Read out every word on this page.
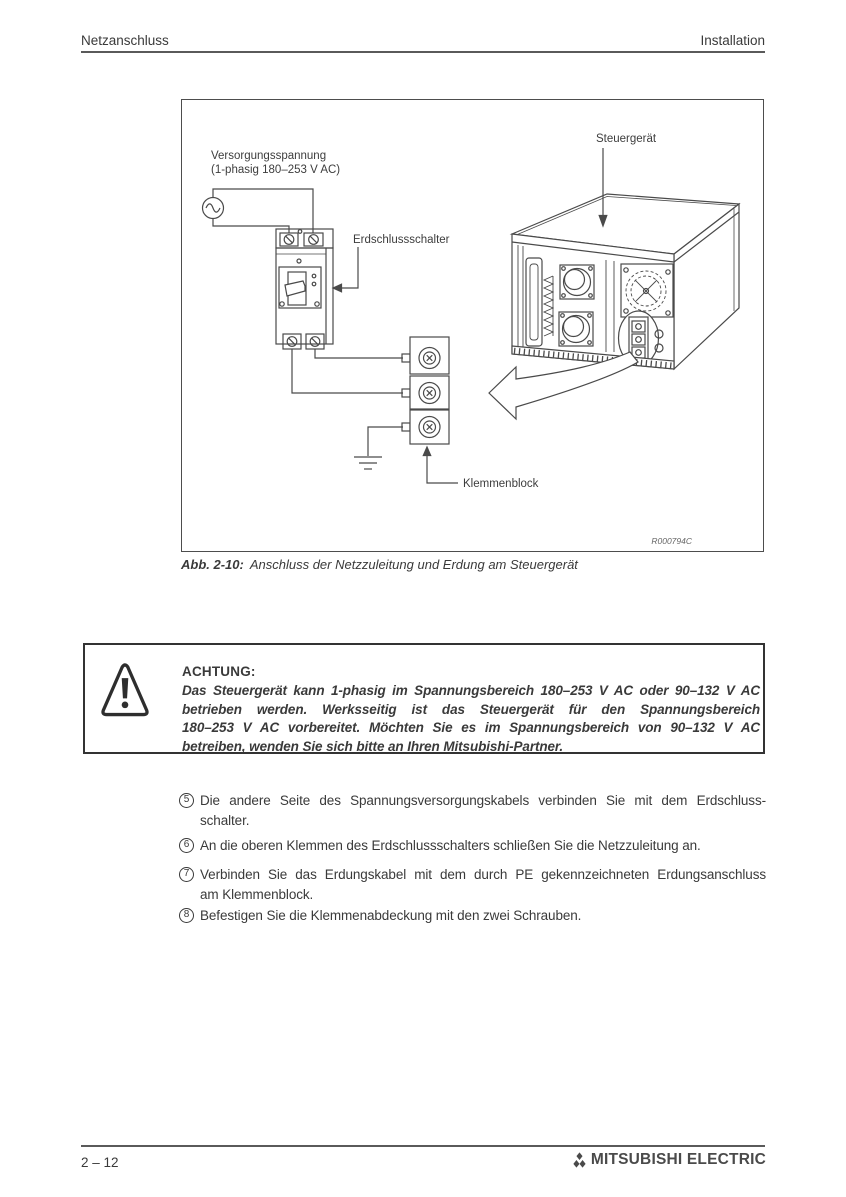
Netzanschluss	Installation
Versorgungsspannung
(1-phasig 180–253 V AC)
Steuergerät
Erdschlussschalter
Klemmenblock
R000794C
Abb. 2-10: Anschluss der Netzzuleitung und Erdung am Steuergerät
ACHTUNG:
Das Steuergerät kann 1-phasig im Spannungsbereich 180–253 V AC oder 90–132 V AC
betrieben werden. Werksseitig ist das Steuergerät für den Spannungsbereich
180–253 V AC vorbereitet. Möchten Sie es im Spannungsbereich von 90–132 V AC
betreiben, wenden Sie sich bitte an Ihren Mitsubishi-Partner.
5 Die andere Seite des Spannungsversorgungskabels verbinden Sie mit dem Erdschluss-
schalter.
6 An die oberen Klemmen des Erdschlussschalters schließen Sie die Netzzuleitung an.
7 Verbinden Sie das Erdungskabel mit dem durch PE gekennzeichneten Erdungsanschluss
am Klemmenblock.
8 Befestigen Sie die Klemmenabdeckung mit den zwei Schrauben.
2 – 12	MITSUBISHI ELECTRIC
